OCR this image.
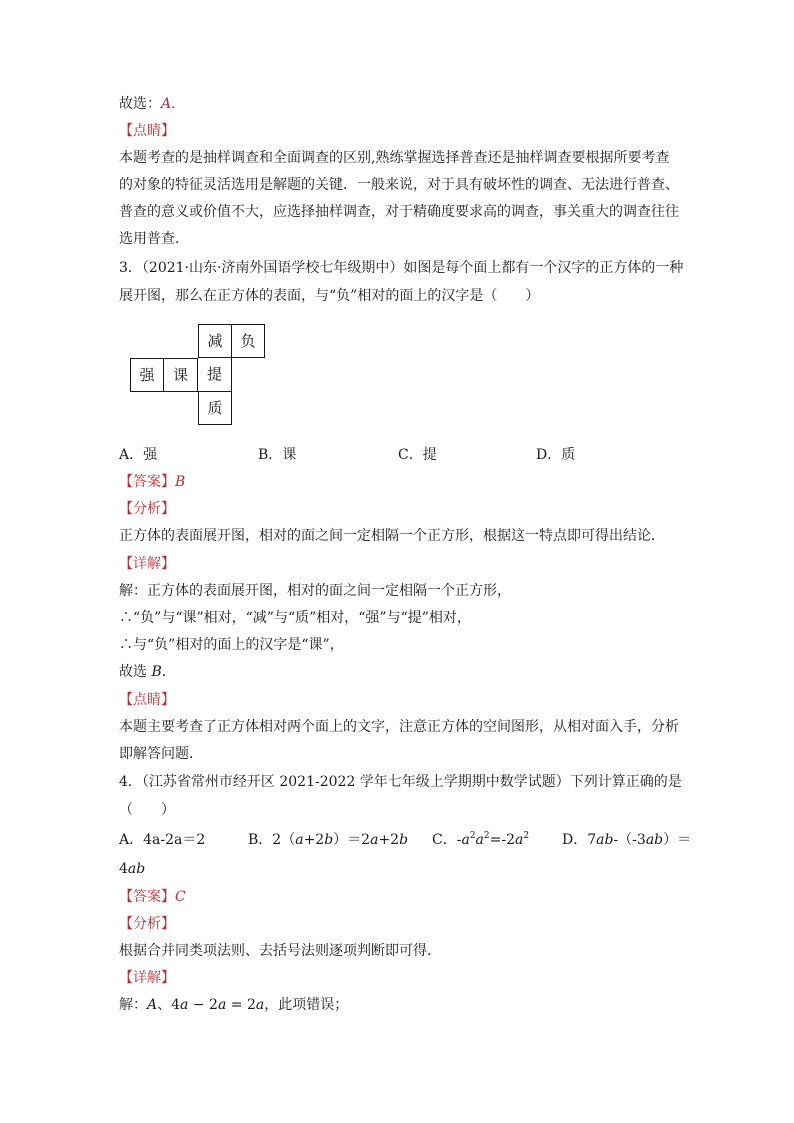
故选：A．
【点睛】
本题考查的是抽样调查和全面调查的区别,熟练掌握选择普查还是抽样调查要根据所要考查
的对象的特征灵活选用是解题的关键．一般来说，对于具有破坏性的调查、无法进行普查、
普查的意义或价值不大，应选择抽样调查，对于精确度要求高的调查，事关重大的调查往往
选用普查．
3．（2021·山东·济南外国语学校七年级期中）如图是每个面上都有一个汉字的正方体的一种
展开图，那么在正方体的表面，与“负”相对的面上的汉字是（　　）
减	负
强	课	提
质
A．强	B．课	C．提	D．质
【答案】B
【分析】
正方体的表面展开图，相对的面之间一定相隔一个正方形，根据这一特点即可得出结论．
【详解】
解：正方体的表面展开图，相对的面之间一定相隔一个正方形，
∴“负”与“课”相对，“减”与“质”相对，“强”与“提”相对，
∴与“负”相对的面上的汉字是“课”，
故选 B．
【点睛】
本题主要考查了正方体相对两个面上的文字，注意正方体的空间图形，从相对面入手，分析
即解答问题．
4．（江苏省常州市经开区 2021-2022 学年七年级上学期期中数学试题）下列计算正确的是
（　　）
A．4a-2a＝2	B．2（a+2b）＝2a+2b C．$-a^2a^2=-2a^2$ D．7ab-（-3ab）＝
4ab
【答案】C
【分析】
根据合并同类项法则、去括号法则逐项判断即可得．
【详解】
解：A、4a − 2a = 2a，此项错误；
